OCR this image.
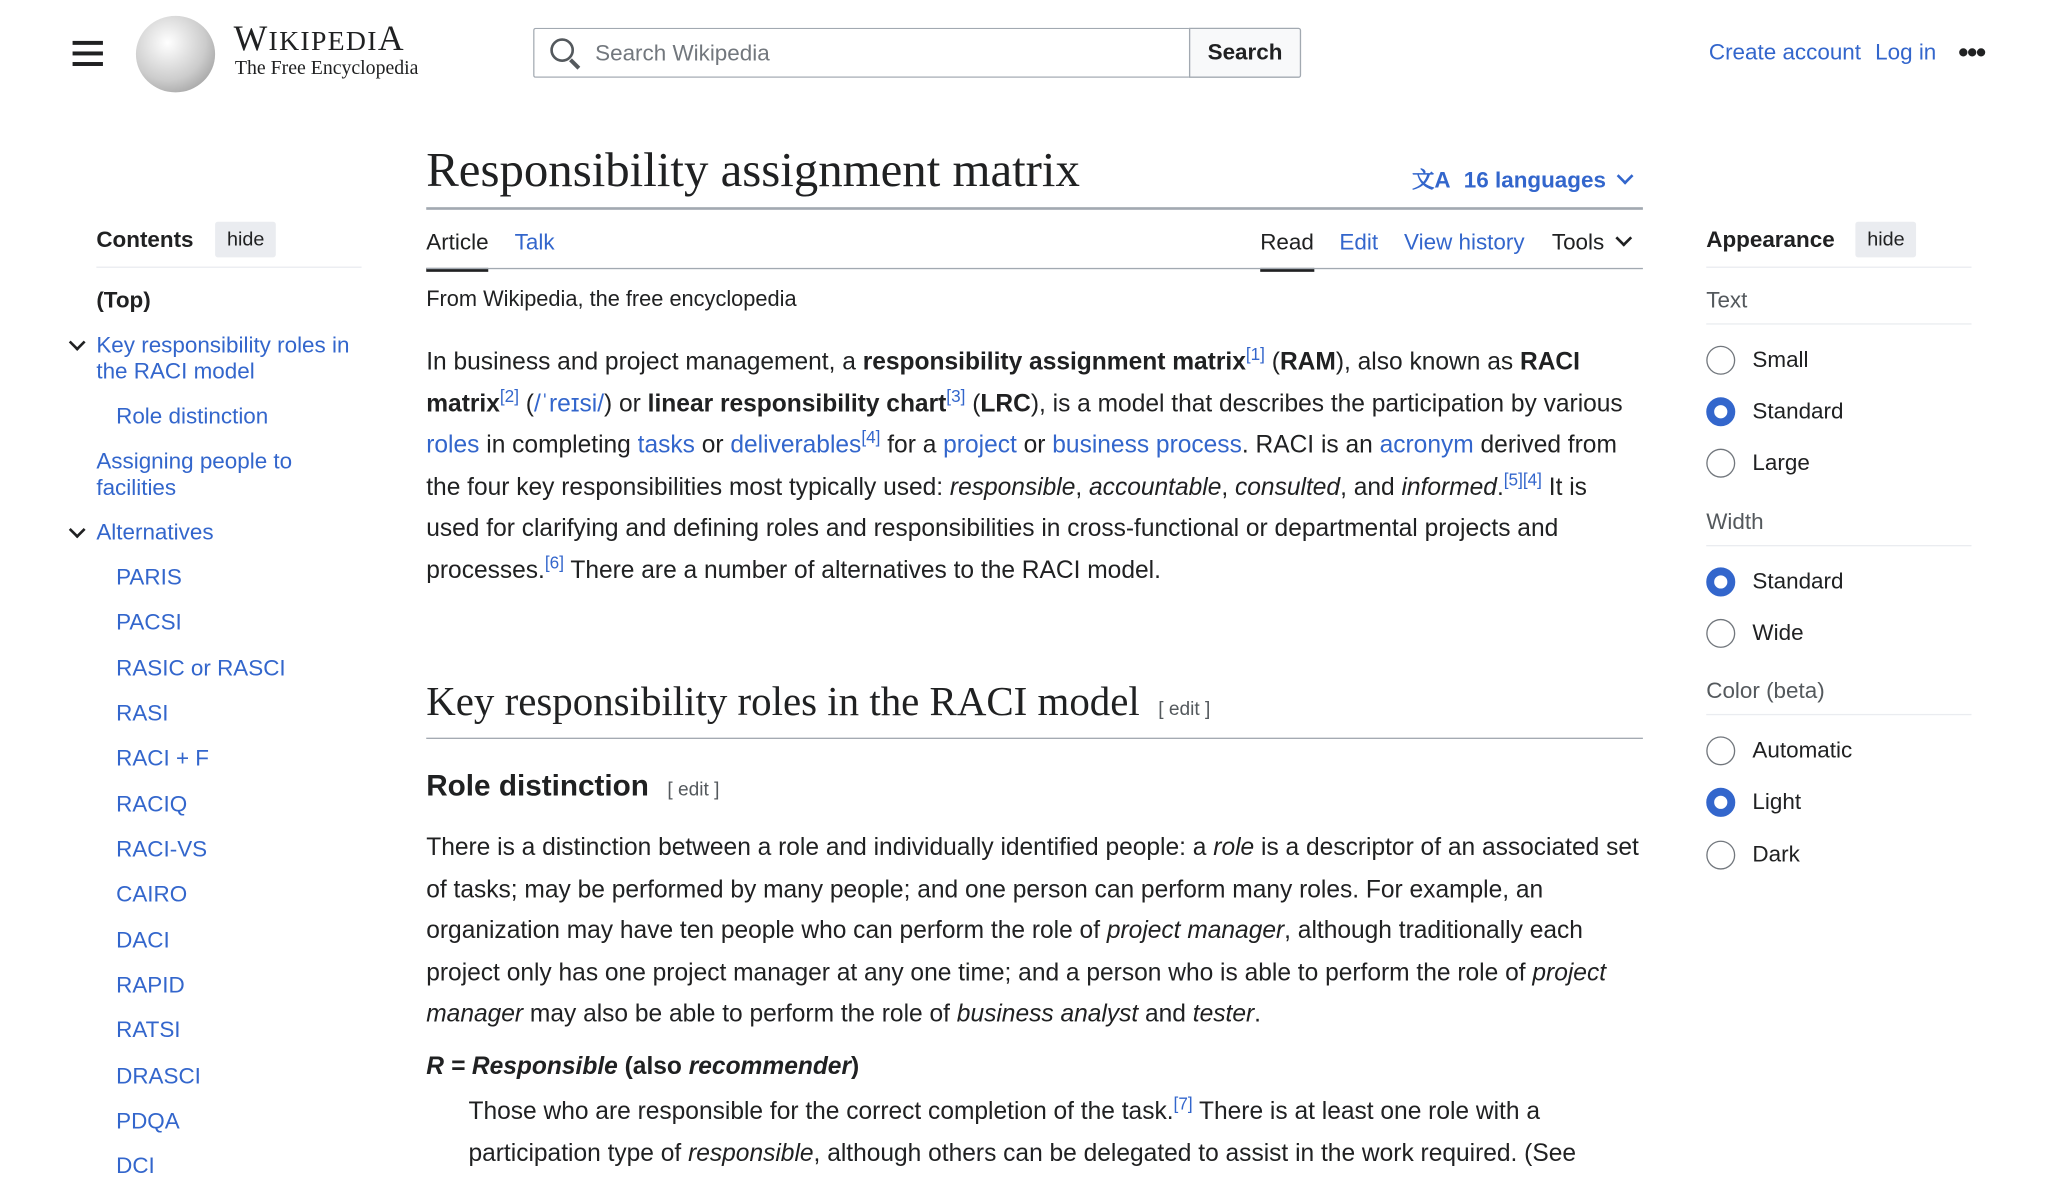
WIKIPEDIA
The Free Encyclopedia
Search Wikipedia
Search	Create account Log in •••
Responsibility assignment matrix	文A 16 languages
Article Talk	Read Edit View history Tools
From Wikipedia, the free encyclopedia
In business and project management, a responsibility assignment matrix[1] (RAM), also known as RACI matrix[2] (/ˈreɪsi/) or linear responsibility chart[3] (LRC), is a model that describes the participation by various roles in completing tasks or deliverables[4] for a project or business process. RACI is an acronym derived from the four key responsibilities most typically used: responsible, accountable, consulted, and informed.[5][4] It is used for clarifying and defining roles and responsibilities in cross-functional or departmental projects and processes.[6] There are a number of alternatives to the RACI model.
Key responsibility roles in the RACI model [ edit ]
Role distinction [ edit ]
There is a distinction between a role and individually identified people: a role is a descriptor of an associated set of tasks; may be performed by many people; and one person can perform many roles. For example, an organization may have ten people who can perform the role of project manager, although traditionally each project only has one project manager at any one time; and a person who is able to perform the role of project manager may also be able to perform the role of business analyst and tester.
R = Responsible (also recommender)
Those who are responsible for the correct completion of the task.[7] There is at least one role with a participation type of responsible, although others can be delegated to assist in the work required. (See
Contents	hide
(Top)
Key responsibility roles in the RACI model
Role distinction
Assigning people to facilities
Alternatives
PARIS
PACSI
RASIC or RASCI
RASI
RACI + F
RACIQ
RACI-VS
CAIRO
DACI
RAPID
RATSI
DRASCI
PDQA
DCI
Appearance	hide
Text
Small
Standard
Large
Width
Standard
Wide
Color (beta)
Automatic
Light
Dark
